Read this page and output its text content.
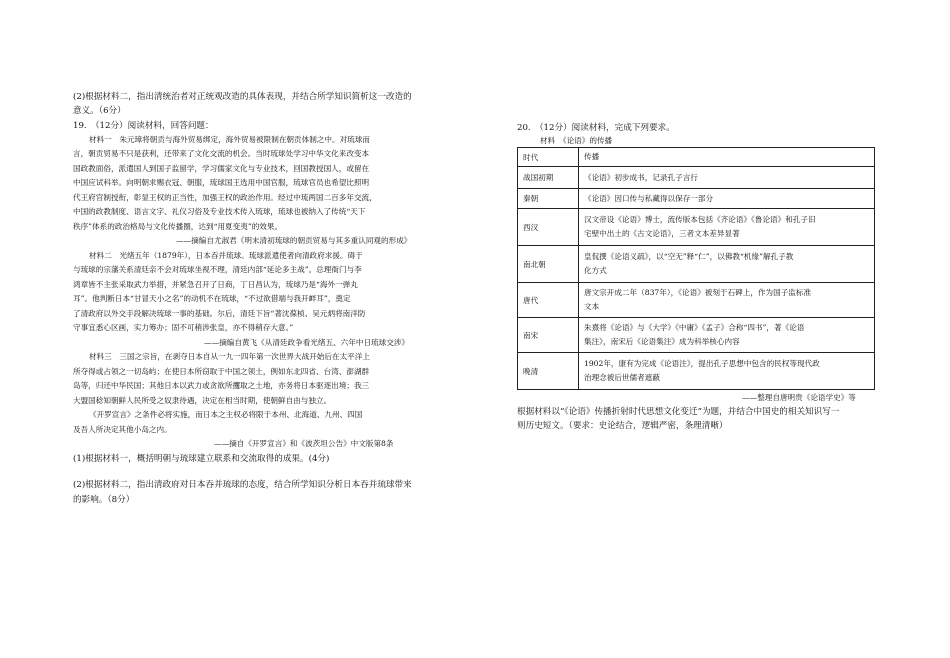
(2)根据材料二，指出清统治者对正统观改造的具体表现，并结合所学知识简析这一改造的
意义。（6分）
19.　（12分）阅读材料，回答问题：
材料一　朱元璋将朝贡与海外贸易绑定，海外贸易被限制在朝贡体制之中。对琉球而
言，朝贡贸易不只是获利，还带来了文化交流的机会。当时琉球处学习中华文化来改变本
国政教面俗，派遣国人到国子监留学，学习儒家文化与专业技术，回国教授国人，或留在
中国应试科举。向明朝求赐衣冠、朝服，琉球国王选用中国官服，琉球官员也希望比照明
代王府官制授衔，彰显王权的正当性，加强王权的政治作用。经过中琉两国二百多年交流，
中国的政教制度、语言文字、礼仪习俗及专业技术传入琉球，琉球也被纳入了传统“天下
秩序”体系的政治格局与文化传播圈，达到“用夏变夷”的效果。
——摘编自尤淑君《明末清初琉球的朝贡贸易与其多重认同观的形成》
材料二　光绪五年（1879年），日本吞并琉球。琉球派遣使者向清政府求援。碍于
与琉球的宗藩关系清廷亲不会对琉球坐视不理，清廷内部“延论多主战”。总理衙门与李
鸿章皆不主张采取武力举措，并紧急召开了日商，丁日昌认为，琉球乃是“海外一弹丸
耳”。他判断日本“甘冒天小之名”的动机不在琉球，“不过欲借端与我开衅耳”，奠定
了清政府以外交手段解决琉球一事的基础。尔后，清廷下旨“著沈葆桢、吴元炳将南洋防
守事宜悉心区画，实力筹办；固不可稍涉张皇，亦不得稍存大意。”
——摘编自黄飞《从清廷政争看光绪五、六年中日琉球交涉》
材料三　三国之宗旨，在剥夺日本自从一九一四年第一次世界大战开始后在太平洋上
所夺得或占领之一切岛屿；在使日本所窃取于中国之领土，例如东北四省、台湾、澎湖群
岛等，归还中华民国；其他日本以武力或贪欲所攫取之土地，亦务将日本驱逐出境；我三
大盟国稔知朝鲜人民所受之奴隶待遇，决定在相当时期，使朝鲜自由与独立。
《开罗宣言》之条件必将实施，而日本之主权必将限于本州、北海道、九州、四国
及吾人所决定其他小岛之内。
——摘自《开罗宣言》和《波茨坦公告》中文版第8条
(1)根据材料一，概括明朝与琉球建立联系和交流取得的成果。(4分)
(2)根据材料二，指出清政府对日本吞并琉球的态度，结合所学知识分析日本吞并琉球带来
的影响。（8分）
20.　（12分）阅读材料，完成下列要求。
材料　《论语》的传播
时代	传播
战国初期	《论语》初步成书，记录孔子言行

秦朝	《论语》因口传与私藏得以保存一部分

西汉	汉文帝设《论语》博士，流传版本包括《齐论语》《鲁论语》和孔子旧
宅壁中出土的《古文论语》，三者文本差异显著

南北朝	皇侃撰《论语义疏》，以“空无”释“仁”，以佛教“机缘”解孔子教
化方式

唐代	唐文宗开成二年（837年），《论语》被刻于石碑上，作为国子监标准
文本

南宋	朱熹将《论语》与《大学》《中庸》《孟子》合称“四书”，著《论语
集注》，南宋后《论语集注》成为科举核心内容

晚清	1902年，康有为完成《论语注》，提出孔子思想中包含的民权等现代政
治理念被后世儒者遮蔽
——整理自唐明贵《论语学史》等
根据材料以“《论语》传播折射时代思想文化变迁”为题，并结合中国史的相关知识写一
则历史短文。（要求：史论结合，逻辑严密，条理清晰）
